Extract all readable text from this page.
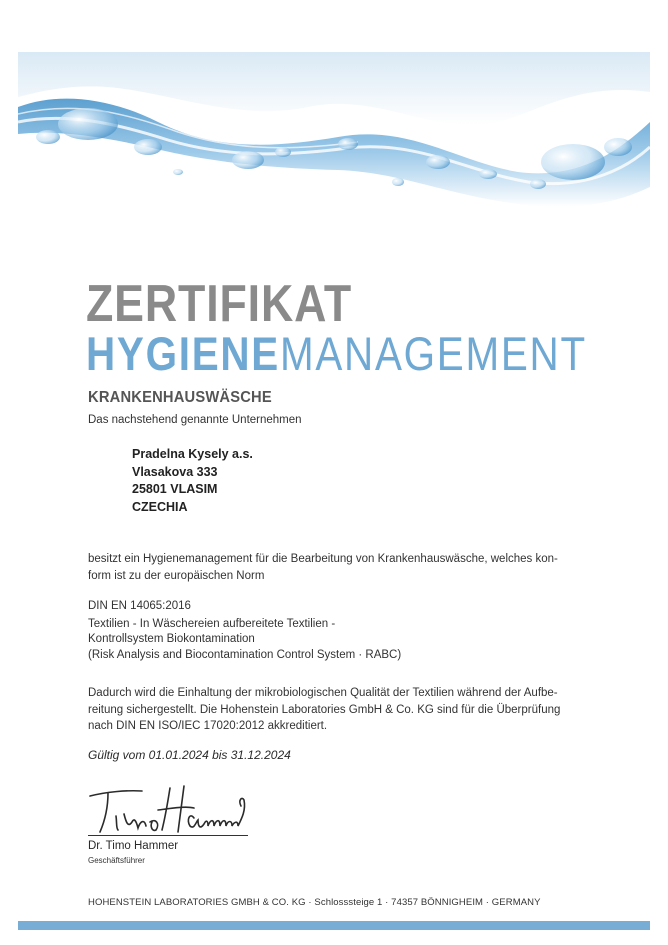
ZERTIFIKAT
HYGIENEMANAGEMENT
KRANKENHAUSWÄSCHE
Das nachstehend genannte Unternehmen
Pradelna Kysely a.s.
Vlasakova 333
25801 VLASIM
CZECHIA
besitzt ein Hygienemanagement für die Bearbeitung von Krankenhauswäsche, welches kon-
form ist zu der europäischen Norm
DIN EN 14065:2016
Textilien - In Wäschereien aufbereitete Textilien -
Kontrollsystem Biokontamination
(Risk Analysis and Biocontamination Control System · RABC)
Dadurch wird die Einhaltung der mikrobiologischen Qualität der Textilien während der Aufbe-
reitung sichergestellt. Die Hohenstein Laboratories GmbH & Co. KG sind für die Überprüfung
nach DIN EN ISO/IEC 17020:2012 akkreditiert.
Gültig vom 01.01.2024 bis 31.12.2024
Dr. Timo Hammer
Geschäftsführer
HOHENSTEIN LABORATORIES GMBH & CO. KG · Schlosssteige 1 · 74357 BÖNNIGHEIM · GERMANY
